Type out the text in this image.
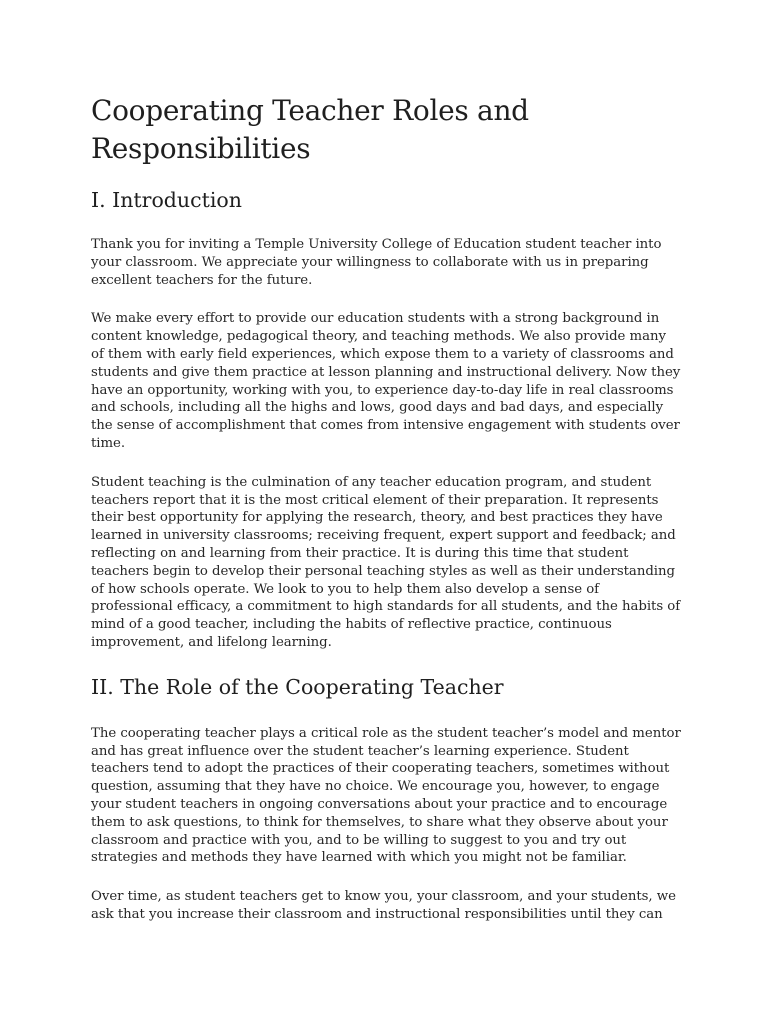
Cooperating Teacher Roles and Responsibilities
I. Introduction

Thank you for inviting a Temple University College of Education student teacher into your classroom. We appreciate your willingness to collaborate with us in preparing excellent teachers for the future.

We make every effort to provide our education students with a strong background in content knowledge, pedagogical theory, and teaching methods. We also provide many of them with early field experiences, which expose them to a variety of classrooms and students and give them practice at lesson planning and instructional delivery. Now they have an opportunity, working with you, to experience day-to-day life in real classrooms and schools, including all the highs and lows, good days and bad days, and especially the sense of accomplishment that comes from intensive engagement with students over time.

Student teaching is the culmination of any teacher education program, and student teachers report that it is the most critical element of their preparation. It represents their best opportunity for applying the research, theory, and best practices they have learned in university classrooms; receiving frequent, expert support and feedback; and reflecting on and learning from their practice. It is during this time that student teachers begin to develop their personal teaching styles as well as their understanding of how schools operate. We look to you to help them also develop a sense of professional efficacy, a commitment to high standards for all students, and the habits of mind of a good teacher, including the habits of reflective practice, continuous improvement, and lifelong learning.

II. The Role of the Cooperating Teacher

The cooperating teacher plays a critical role as the student teacher’s model and mentor and has great influence over the student teacher’s learning experience. Student teachers tend to adopt the practices of their cooperating teachers, sometimes without question, assuming that they have no choice. We encourage you, however, to engage your student teachers in ongoing conversations about your practice and to encourage them to ask questions, to think for themselves, to share what they observe about your classroom and practice with you, and to be willing to suggest to you and try out strategies and methods they have learned with which you might not be familiar.

Over time, as student teachers get to know you, your classroom, and your students, we ask that you increase their classroom and instructional responsibilities until they can
